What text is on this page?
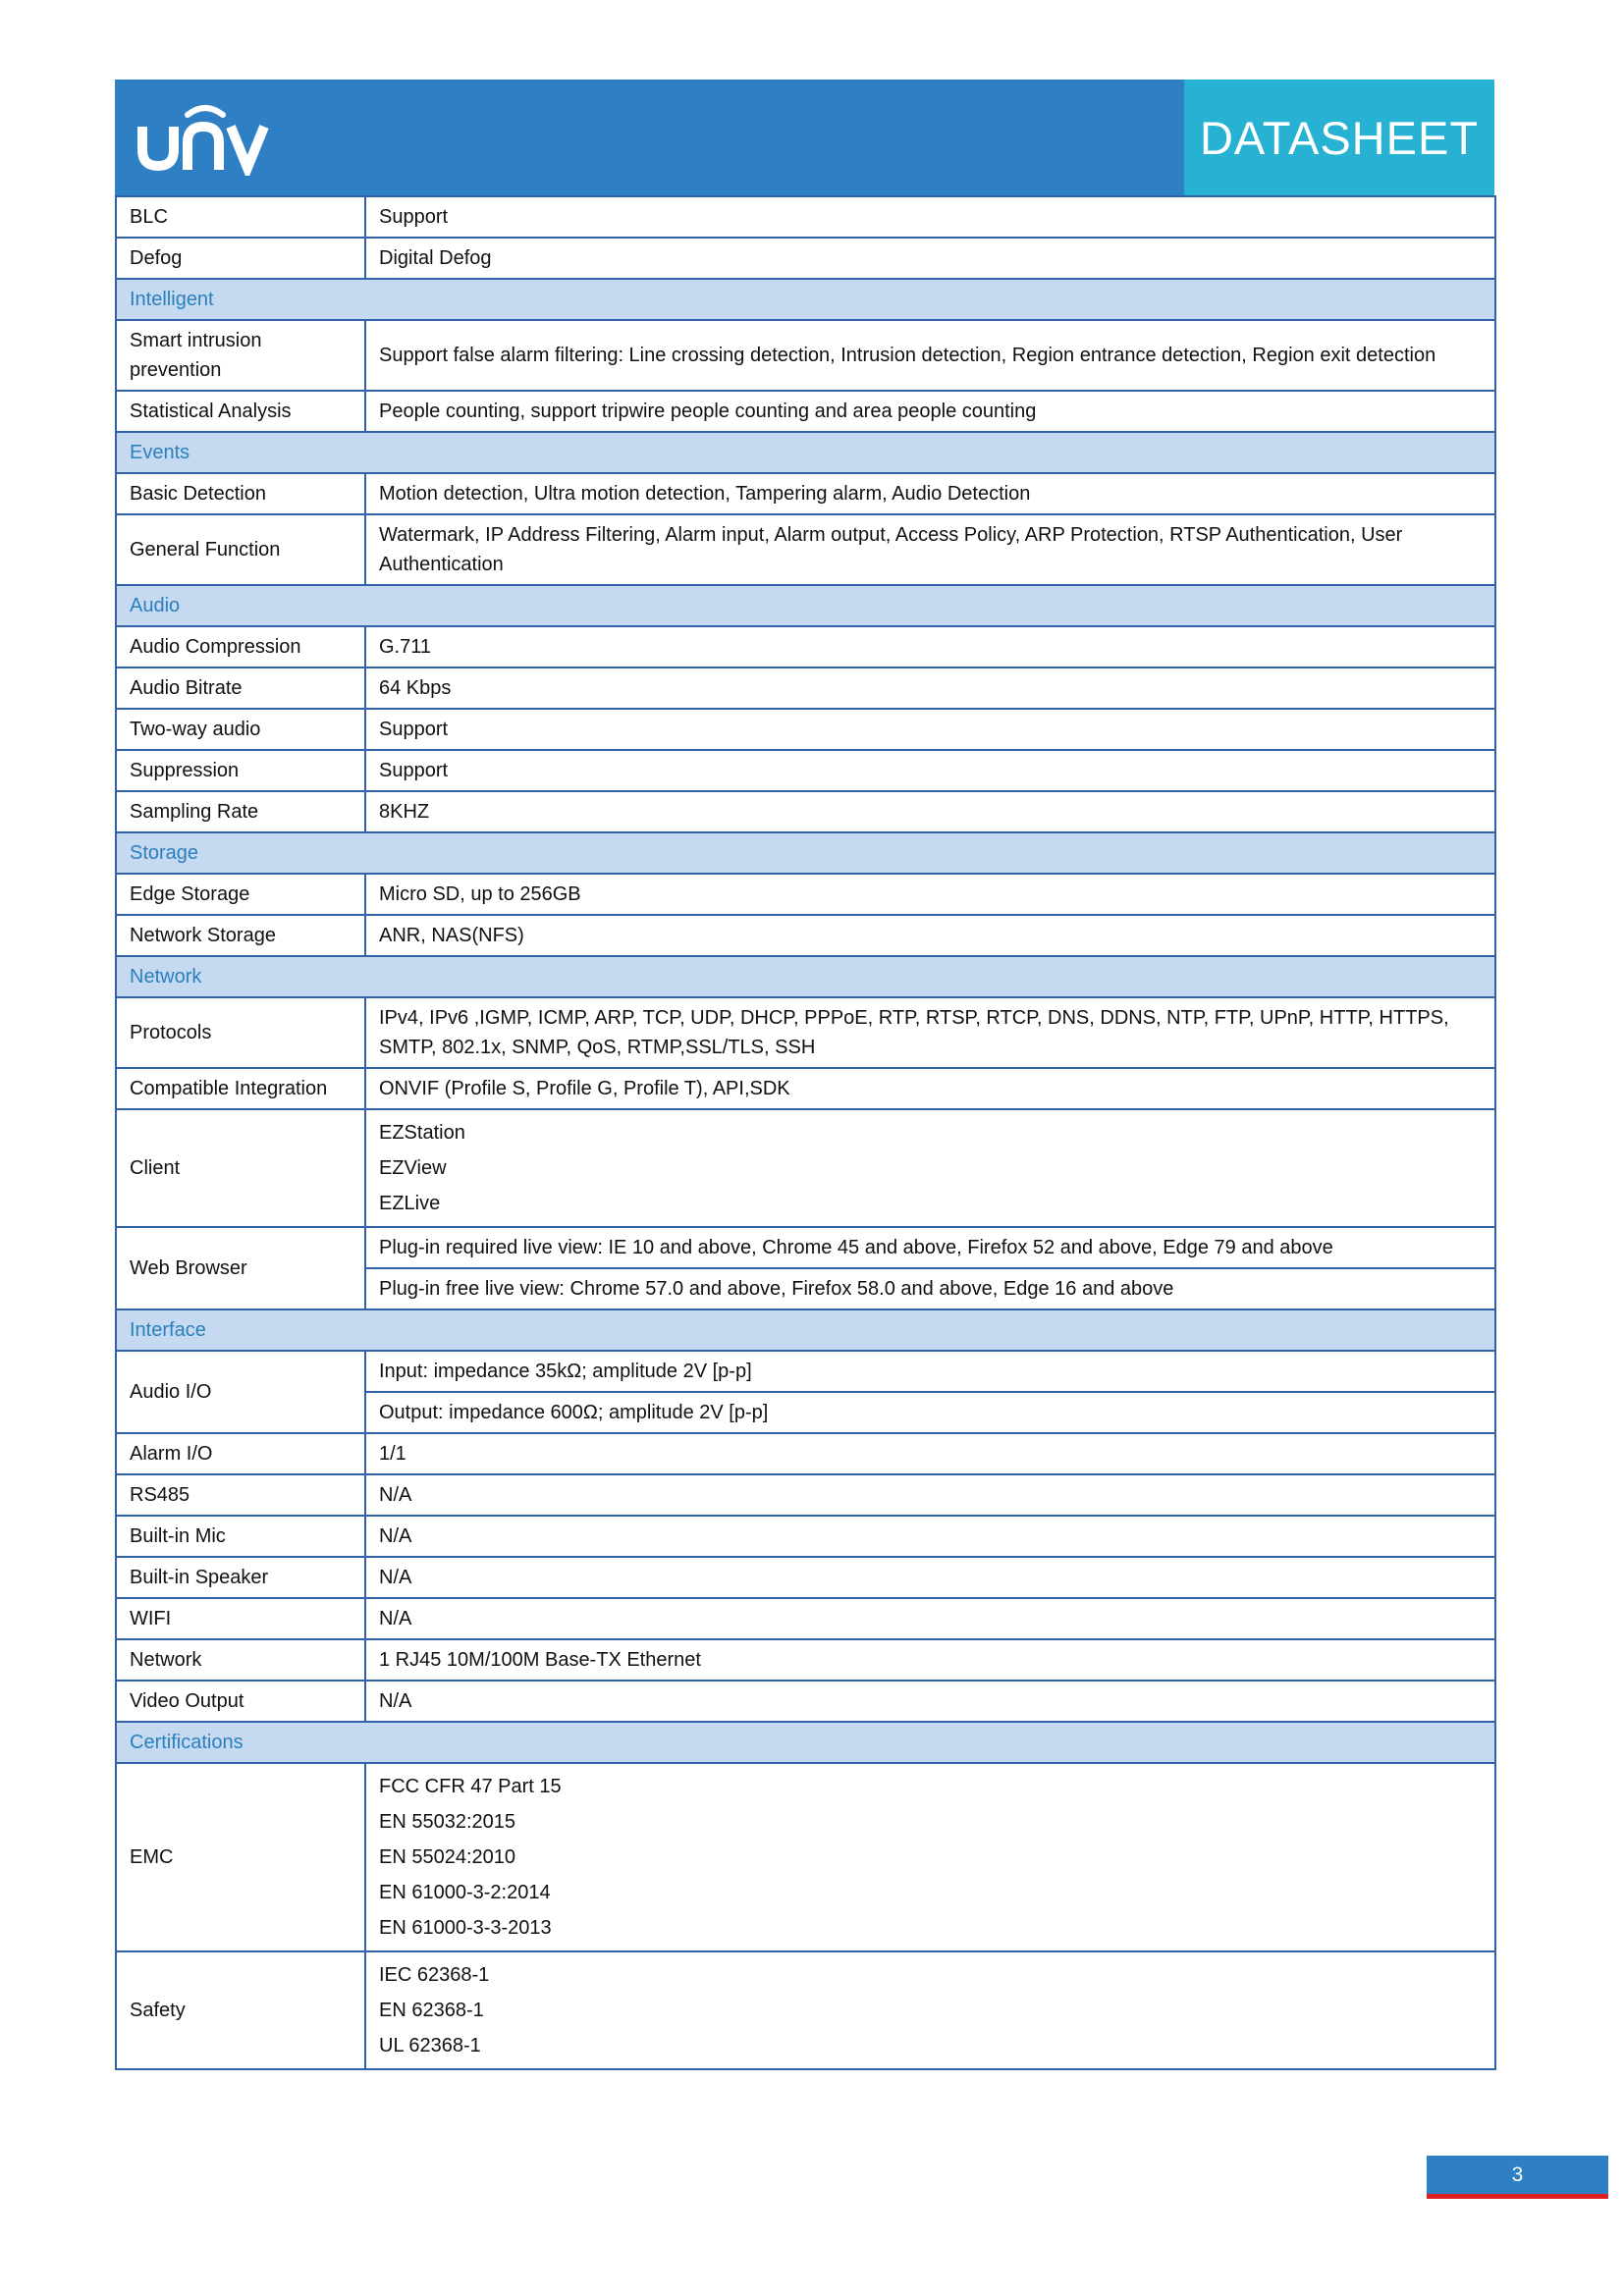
DATASHEET
BLC	Support
Defog	Digital Defog
Intelligent	
Smart intrusion prevention	Support false alarm filtering: Line crossing detection, Intrusion detection, Region entrance detection, Region exit detection
Statistical Analysis	People counting, support tripwire people counting and area people counting
Events	
Basic Detection	Motion detection, Ultra motion detection, Tampering alarm, Audio Detection
General Function	Watermark, IP Address Filtering, Alarm input, Alarm output, Access Policy, ARP Protection, RTSP Authentication, User Authentication
Audio	
Audio Compression	G.711
Audio Bitrate	64 Kbps
Two-way audio	Support
Suppression	Support
Sampling Rate	8KHZ
Storage	
Edge Storage	Micro SD, up to 256GB
Network Storage	ANR, NAS(NFS)
Network	
Protocols	IPv4, IPv6 ,IGMP, ICMP, ARP, TCP, UDP, DHCP, PPPoE, RTP, RTSP, RTCP, DNS, DDNS, NTP, FTP, UPnP, HTTP, HTTPS, SMTP, 802.1x, SNMP, QoS, RTMP,SSL/TLS, SSH
Compatible Integration	ONVIF (Profile S, Profile G, Profile T), API,SDK
Client	EZStation
EZView
EZLive

Web Browser	Plug-in required live view: IE 10 and above, Chrome 45 and above, Firefox 52 and above, Edge 79 and above
	Plug-in free live view: Chrome 57.0 and above, Firefox 58.0 and above, Edge 16 and above
Interface	
Audio I/O	Input: impedance 35kΩ; amplitude 2V [p-p]
	Output: impedance 600Ω; amplitude 2V [p-p]
Alarm I/O	1/1
RS485	N/A
Built-in Mic	N/A
Built-in Speaker	N/A
WIFI	N/A
Network	1 RJ45 10M/100M Base-TX Ethernet
Video Output	N/A
Certifications	
EMC	FCC CFR 47 Part 15
EN 55032:2015
EN 55024:2010
EN 61000-3-2:2014
EN 61000-3-3-2013

Safety	IEC 62368-1
EN 62368-1
UL 62368-1
3
